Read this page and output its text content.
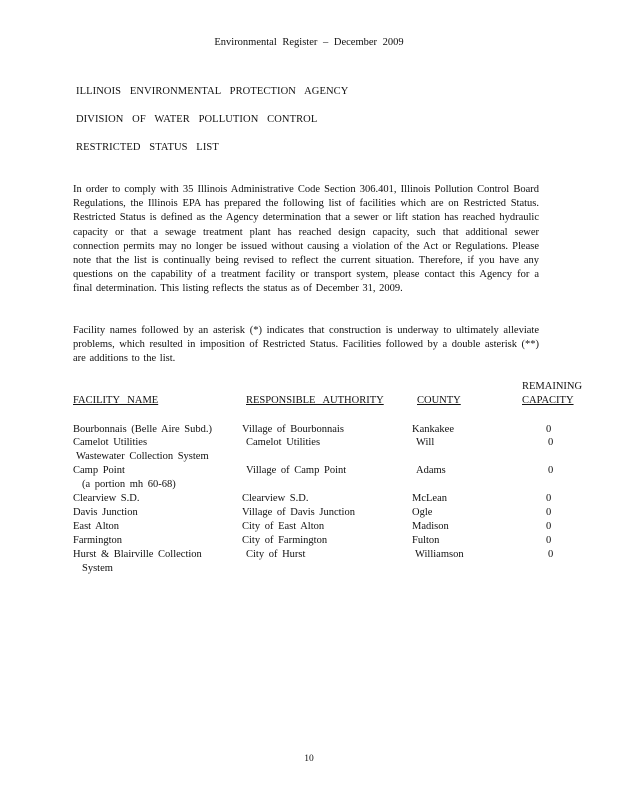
Environmental Register – December 2009
ILLINOIS ENVIRONMENTAL PROTECTION AGENCY
DIVISION OF WATER POLLUTION CONTROL
RESTRICTED STATUS LIST
In order to comply with 35 Illinois Administrative Code Section 306.401, Illinois Pollution Control Board Regulations, the Illinois EPA has prepared the following list of facilities which are on Restricted Status. Restricted Status is defined as the Agency determination that a sewer or lift station has reached hydraulic capacity or that a sewage treatment plant has reached design capacity, such that additional sewer connection permits may no longer be issued without causing a violation of the Act or Regulations. Please note that the list is continually being revised to reflect the current situation. Therefore, if you have any questions on the capability of a treatment facility or transport system, please contact this Agency for a final determination. This listing reflects the status as of December 31, 2009.
Facility names followed by an asterisk (*) indicates that construction is underway to ultimately alleviate problems, which resulted in imposition of Restricted Status. Facilities followed by a double asterisk (**) are additions to the list.
FACILITY NAME	RESPONSIBLE AUTHORITY	COUNTY
REMAINING
CAPACITY
Bourbonnais (Belle Aire Subd.)	Village of Bourbonnais	Kankakee	0
Camelot Utilities	Camelot Utilities	Will	0
Wastewater Collection System
Camp Point	Village of Camp Point	Adams	0
(a portion mh 60-68)
Clearview S.D.	Clearview S.D.	McLean	0
Davis Junction	Village of Davis Junction	Ogle	0
East Alton	City of East Alton	Madison	0
Farmington	City of Farmington	Fulton	0
Hurst & Blairville Collection	City of Hurst	Williamson	0
System
10
